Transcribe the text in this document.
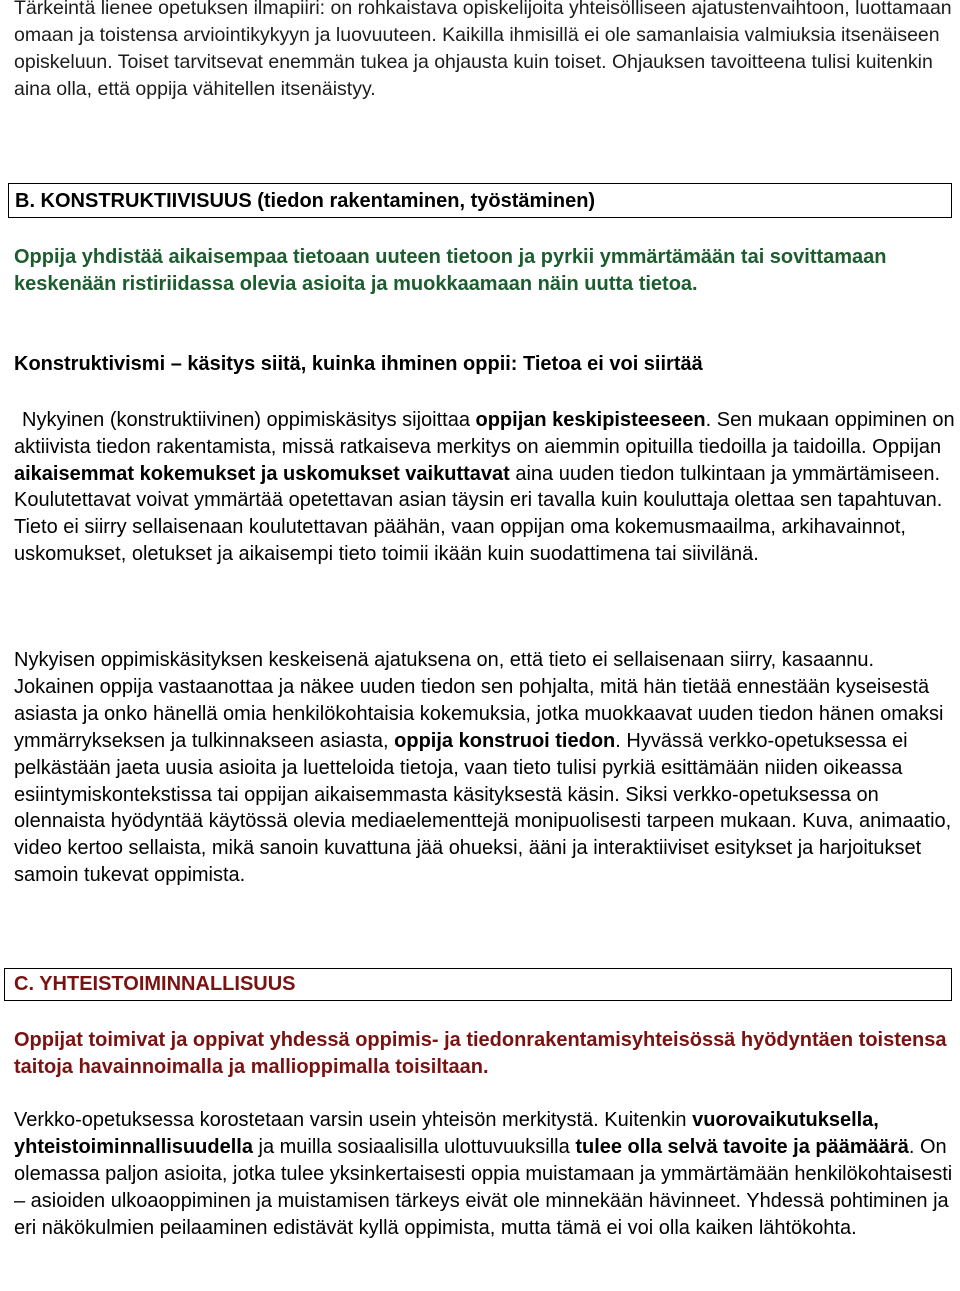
Tärkeintä lienee opetuksen ilmapiiri: on rohkaistava opiskelijoita yhteisölliseen ajatustenvaihtoon, luottamaan omaan ja toistensa arviointikykyyn ja luovuuteen. Kaikilla ihmisillä ei ole samanlaisia valmiuksia itsenäiseen opiskeluun. Toiset tarvitsevat enemmän tukea ja ohjausta kuin toiset. Ohjauksen tavoitteena tulisi kuitenkin aina olla, että oppija vähitellen itsenäistyy.
B. KONSTRUKTIIVISUUS (tiedon rakentaminen, työstäminen)
Oppija yhdistää aikaisempaa tietoaan uuteen tietoon ja pyrkii ymmärtämään tai sovittamaan keskenään ristiriidassa olevia asioita ja muokkaamaan näin uutta tietoa.
Konstruktivismi – käsitys siitä, kuinka ihminen oppii: Tietoa ei voi siirtää
Nykyinen (konstruktiivinen) oppimiskäsitys sijoittaa oppijan keskipisteeseen. Sen mukaan oppiminen on aktiivista tiedon rakentamista, missä ratkaiseva merkitys on aiemmin opituilla tiedoilla ja taidoilla. Oppijan aikaisemmat kokemukset ja uskomukset vaikuttavat aina uuden tiedon tulkintaan ja ymmärtämiseen. Koulutettavat voivat ymmärtää opetettavan asian täysin eri tavalla kuin kouluttaja olettaa sen tapahtuvan. Tieto ei siirry sellaisenaan koulutettavan päähän, vaan oppijan oma kokemusmaailma, arkihavainnot, uskomukset, oletukset ja aikaisempi tieto toimii ikään kuin suodattimena tai siivilänä.
Nykyisen oppimiskäsityksen keskeisenä ajatuksena on, että tieto ei sellaisenaan siirry, kasaannu. Jokainen oppija vastaanottaa ja näkee uuden tiedon sen pohjalta, mitä hän tietää ennestään kyseisestä asiasta ja onko hänellä omia henkilökohtaisia kokemuksia, jotka muokkaavat uuden tiedon hänen omaksi ymmärrykseksen ja tulkinnakseen asiasta, oppija konstruoi tiedon. Hyvässä verkko-opetuksessa ei pelkästään jaeta uusia asioita ja luetteloida tietoja, vaan tieto tulisi pyrkiä esittämään niiden oikeassa esiintymiskontekstissa tai oppijan aikaisemmasta käsityksestä käsin. Siksi verkko-opetuksessa on olennaista hyödyntää käytössä olevia mediaelementtejä monipuolisesti tarpeen mukaan. Kuva, animaatio, video kertoo sellaista, mikä sanoin kuvattuna jää ohueksi, ääni ja interaktiiviset esitykset ja harjoitukset samoin tukevat oppimista.
C. YHTEISTOIMINNALLISUUS
Oppijat toimivat ja oppivat yhdessä oppimis- ja tiedonrakentamisyhteisössä hyödyntäen toistensa taitoja havainnoimalla ja mallioppimalla toisiltaan.
Verkko-opetuksessa korostetaan varsin usein yhteisön merkitystä. Kuitenkin vuorovaikutuksella, yhteistoiminnallisuudella ja muilla sosiaalisilla ulottuvuuksilla tulee olla selvä tavoite ja päämäärä. On olemassa paljon asioita, jotka tulee yksinkertaisesti oppia muistamaan ja ymmärtämään henkilökohtaisesti – asioiden ulkoaoppiminen ja muistamisen tärkeys eivät ole minnekään hävinneet. Yhdessä pohtiminen ja eri näkökulmien peilaaminen edistävät kyllä oppimista, mutta tämä ei voi olla kaiken lähtökohta.
